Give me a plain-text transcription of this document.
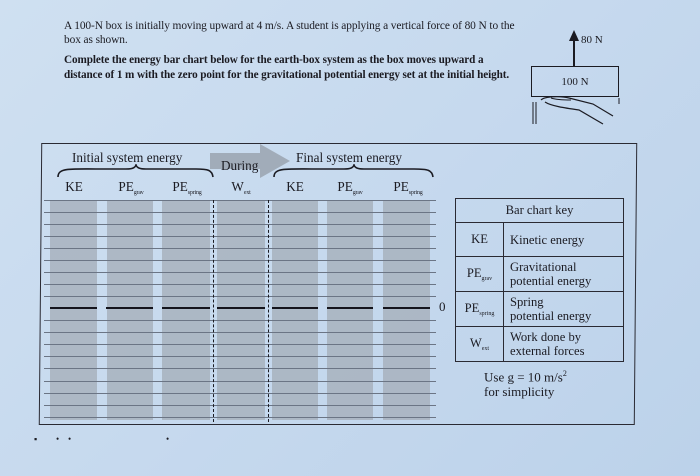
A 100-N box is initially moving upward at 4 m/s. A student is applying a vertical force of 80 N to the box as shown.

Complete the energy bar chart below for the earth-box system as the box moves upward a distance of 1 m with the zero point for the gravitational potential energy set at the initial height.

80 N
100 N
Initial system energy
During
Final system energy
KE	$PE_{grav}$	$PE_{spring}$	$W_{ext}$	KE	$PE_{grav}$	$PE_{spring}$
0
Bar chart key	
KE	Kinetic energy
$PE_{grav}$	Gravitational
potential energy
$PE_{spring}$	Spring
potential energy
$W_{ext}$	Work done by
external forces
Use g = 10 $m/s^2$
for simplicity
▪ • •	•
